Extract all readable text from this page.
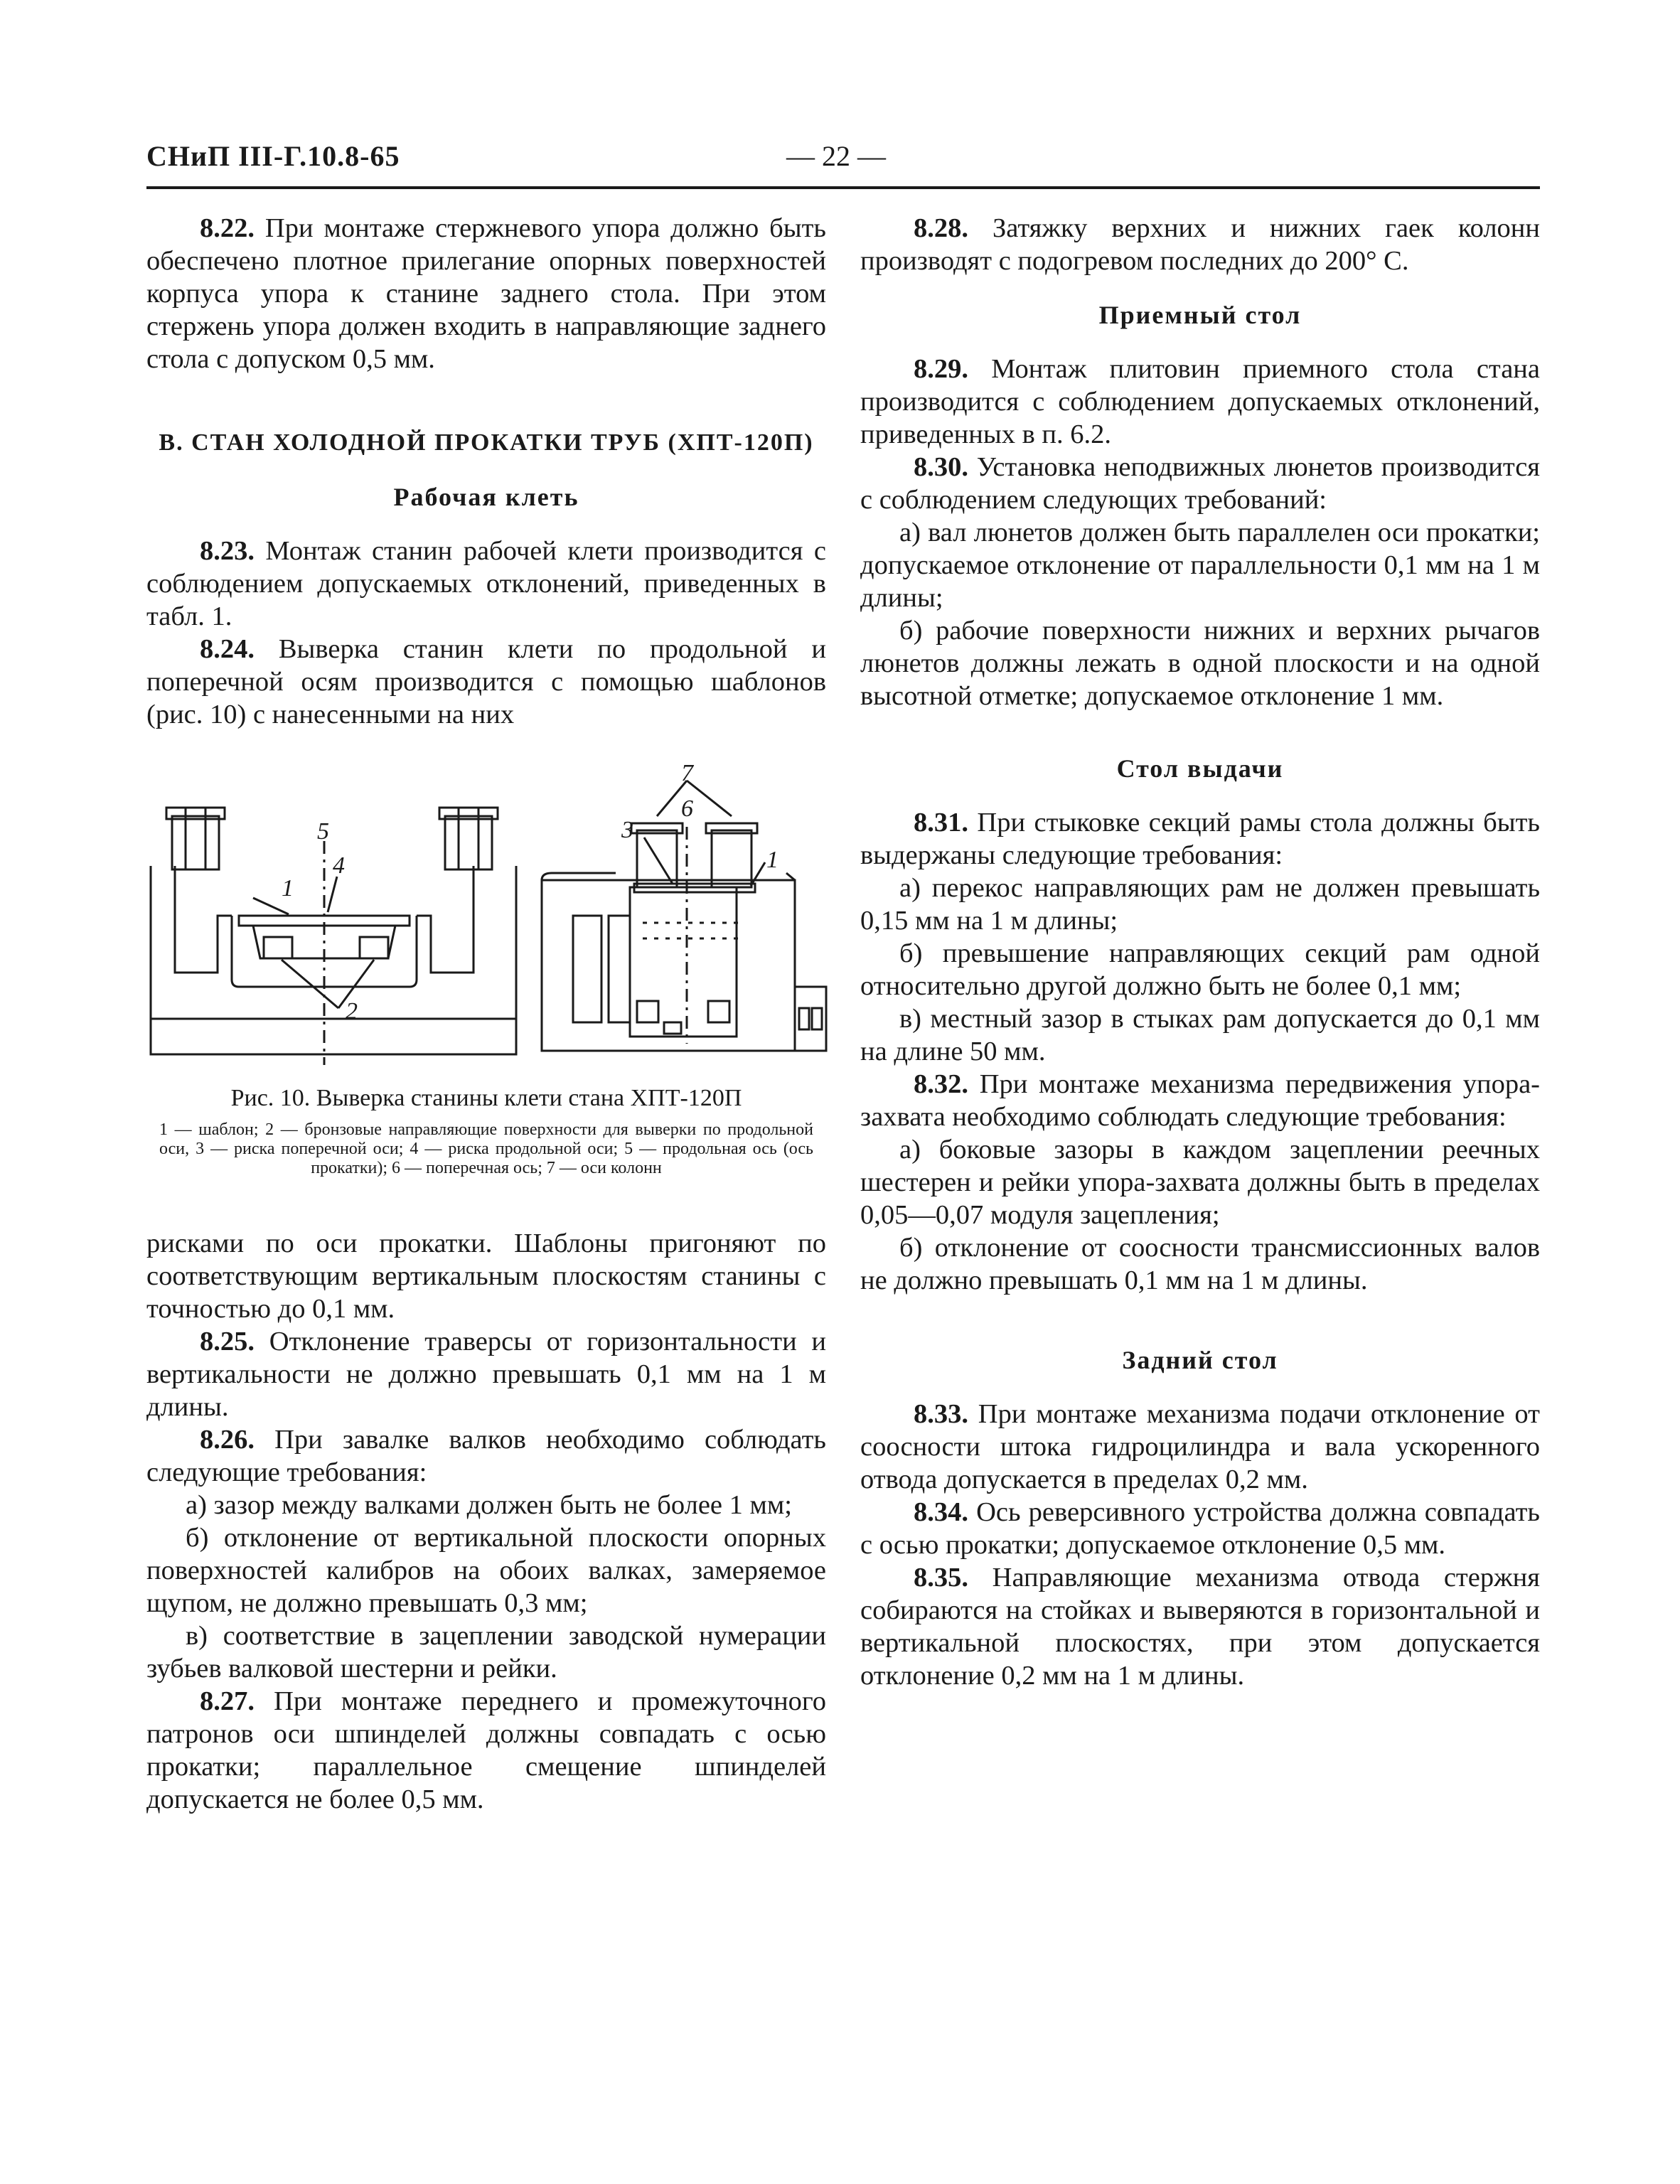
СНиП III-Г.10.8-65	— 22 —

8.22. При монтаже стержневого упора должно быть обеспечено плотное прилегание опорных поверхностей корпуса упора к станине заднего стола. При этом стержень упора должен входить в направляющие заднего стола с допуском 0,5 мм.

В. СТАН ХОЛОДНОЙ ПРОКАТКИ ТРУБ (ХПТ-120П)
Рабочая клеть

8.23. Монтаж станин рабочей клети производится с соблюдением допускаемых отклонений, приведенных в табл. 1.

8.24. Выверка станин клети по продольной и поперечной осям производится с помощью шаблонов (рис. 10) с нанесенными на них

1
2
3
4
5
6
7
1
Рис. 10. Выверка станины клети стана ХПТ-120П
1 — шаблон; 2 — бронзовые направляющие поверхности для выверки по продольной оси, 3 — риска поперечной оси; 4 — риска продольной оси; 5 — продольная ось (ось прокатки); 6 — поперечная ось; 7 — оси колонн

рисками по оси прокатки. Шаблоны пригоняют по соответствующим вертикальным плоскостям станины с точностью до 0,1 мм.

8.25. Отклонение траверсы от горизонтальности и вертикальности не должно превышать 0,1 мм на 1 м длины.

8.26. При завалке валков необходимо соблюдать следующие требования:

а) зазор между валками должен быть не более 1 мм;

б) отклонение от вертикальной плоскости опорных поверхностей калибров на обоих валках, замеряемое щупом, не должно превышать 0,3 мм;

в) соответствие в зацеплении заводской нумерации зубьев валковой шестерни и рейки.

8.27. При монтаже переднего и промежуточного патронов оси шпинделей должны совпадать с осью прокатки; параллельное смещение шпинделей допускается не более 0,5 мм.

8.28. Затяжку верхних и нижних гаек колонн производят с подогревом последних до 200° С.

Приемный стол

8.29. Монтаж плитовин приемного стола стана производится с соблюдением допускаемых отклонений, приведенных в п. 6.2.

8.30. Установка неподвижных люнетов производится с соблюдением следующих требований:

а) вал люнетов должен быть параллелен оси прокатки; допускаемое отклонение от параллельности 0,1 мм на 1 м длины;

б) рабочие поверхности нижних и верхних рычагов люнетов должны лежать в одной плоскости и на одной высотной отметке; допускаемое отклонение 1 мм.

Стол выдачи

8.31. При стыковке секций рамы стола должны быть выдержаны следующие требования:

а) перекос направляющих рам не должен превышать 0,15 мм на 1 м длины;

б) превышение направляющих секций рам одной относительно другой должно быть не более 0,1 мм;

в) местный зазор в стыках рам допускается до 0,1 мм на длине 50 мм.

8.32. При монтаже механизма передвижения упора-захвата необходимо соблюдать следующие требования:

а) боковые зазоры в каждом зацеплении реечных шестерен и рейки упора-захвата должны быть в пределах 0,05—0,07 модуля зацепления;

б) отклонение от соосности трансмиссионных валов не должно превышать 0,1 мм на 1 м длины.

Задний стол

8.33. При монтаже механизма подачи отклонение от соосности штока гидроцилиндра и вала ускоренного отвода допускается в пределах 0,2 мм.

8.34. Ось реверсивного устройства должна совпадать с осью прокатки; допускаемое отклонение 0,5 мм.

8.35. Направляющие механизма отвода стержня собираются на стойках и выверяются в горизонтальной и вертикальной плоскостях, при этом допускается отклонение 0,2 мм на 1 м длины.
